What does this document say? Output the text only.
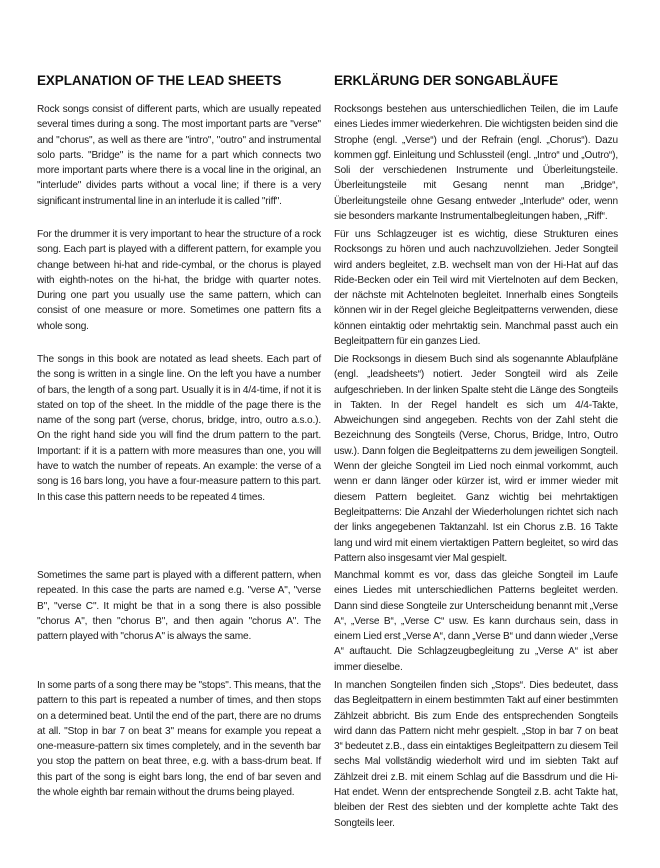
EXPLANATION OF THE LEAD SHEETS

Rock songs consist of different parts, which are usually repeated several times during a song. The most important parts are "verse" and "chorus", as well as there are "intro", "outro" and instrumental solo parts. "Bridge" is the name for a part which connects two more important parts where there is a vocal line in the original, an "interlude" divides parts without a vocal line; if there is a very significant instrumental line in an interlude it is called "riff".

For the drummer it is very important to hear the structure of a rock song. Each part is played with a different pattern, for example you change between hi-hat and ride-cymbal, or the chorus is played with eighth-notes on the hi-hat, the bridge with quarter notes. During one part you usually use the same pattern, which can consist of one measure or more. Sometimes one pattern fits a whole song.

The songs in this book are notated as lead sheets. Each part of the song is written in a single line. On the left you have a number of bars, the length of a song part. Usually it is in 4/4-time, if not it is stated on top of the sheet. In the middle of the page there is the name of the song part (verse, chorus, bridge, intro, outro a.s.o.). On the right hand side you will find the drum pattern to the part. Important: if it is a pattern with more measures than one, you will have to watch the number of repeats. An example: the verse of a song is 16 bars long, you have a four-measure pattern to this part. In this case this pattern needs to be repeated 4 times.

Sometimes the same part is played with a different pattern, when repeated. In this case the parts are named e.g. "verse A", "verse B", "verse C". It might be that in a song there is also possible "chorus A", then "chorus B", and then again "chorus A". The pattern played with "chorus A" is always the same.

In some parts of a song there may be "stops". This means, that the pattern to this part is repeated a number of times, and then stops on a determined beat. Until the end of the part, there are no drums at all. "Stop in bar 7 on beat 3" means for example you repeat a one-measure-pattern six times completely, and in the seventh bar you stop the pattern on beat three, e.g. with a bass-drum beat. If this part of the song is eight bars long, the end of bar seven and the whole eighth bar remain without the drums being played.

ERKLÄRUNG DER SONGABLÄUFE

Rocksongs bestehen aus unterschiedlichen Teilen, die im Laufe eines Liedes immer wiederkehren. Die wichtigsten beiden sind die Strophe (engl. „Verse“) und der Refrain (engl. „Chorus“). Dazu kommen ggf. Einleitung und Schlussteil (engl. „Intro“ und „Outro“), Soli der verschiedenen Instrumente und Überleitungsteile. Überleitungsteile mit Gesang nennt man „Bridge“, Überleitungsteile ohne Gesang entweder „Interlude“ oder, wenn sie besonders markante Instrumentalbegleitungen haben, „Riff“.

Für uns Schlagzeuger ist es wichtig, diese Strukturen eines Rocksongs zu hören und auch nachzuvollziehen. Jeder Songteil wird anders begleitet, z.B. wechselt man von der Hi-Hat auf das Ride-Becken oder ein Teil wird mit Viertelnoten auf dem Becken, der nächste mit Achtelnoten begleitet. Innerhalb eines Songteils können wir in der Regel gleiche Begleitpatterns verwenden, diese können eintaktig oder mehrtaktig sein. Manchmal passt auch ein Begleitpattern für ein ganzes Lied.

Die Rocksongs in diesem Buch sind als sogenannte Ablaufpläne (engl. „leadsheets“) notiert. Jeder Songteil wird als Zeile aufgeschrieben. In der linken Spalte steht die Länge des Songteils in Takten. In der Regel handelt es sich um 4/4-Takte, Abweichungen sind angegeben. Rechts von der Zahl steht die Bezeichnung des Songteils (Verse, Chorus, Bridge, Intro, Outro usw.). Dann folgen die Begleitpatterns zu dem jeweiligen Songteil. Wenn der gleiche Songteil im Lied noch einmal vorkommt, auch wenn er dann länger oder kürzer ist, wird er immer wieder mit diesem Pattern begleitet. Ganz wichtig bei mehrtaktigen Begleitpatterns: Die Anzahl der Wiederholungen richtet sich nach der links angegebenen Taktanzahl. Ist ein Chorus z.B. 16 Takte lang und wird mit einem viertaktigen Pattern begleitet, so wird das Pattern also insgesamt vier Mal gespielt.

Manchmal kommt es vor, dass das gleiche Songteil im Laufe eines Liedes mit unterschiedlichen Patterns begleitet werden. Dann sind diese Songteile zur Unterscheidung benannt mit „Verse A“, „Verse B“, „Verse C“ usw. Es kann durchaus sein, dass in einem Lied erst „Verse A“, dann „Verse B“ und dann wieder „Verse A“ auftaucht. Die Schlagzeugbegleitung zu „Verse A“ ist aber immer dieselbe.

In manchen Songteilen finden sich „Stops“. Dies bedeutet, dass das Begleitpattern in einem bestimmten Takt auf einer bestimmten Zählzeit abbricht. Bis zum Ende des entsprechenden Songteils wird dann das Pattern nicht mehr gespielt. „Stop in bar 7 on beat 3“ bedeutet z.B., dass ein eintaktiges Begleitpattern zu diesem Teil sechs Mal vollständig wiederholt wird und im siebten Takt auf Zählzeit drei z.B. mit einem Schlag auf die Bassdrum und die Hi-Hat endet. Wenn der entsprechende Songteil z.B. acht Takte hat, bleiben der Rest des siebten und der komplette achte Takt des Songteils leer.
